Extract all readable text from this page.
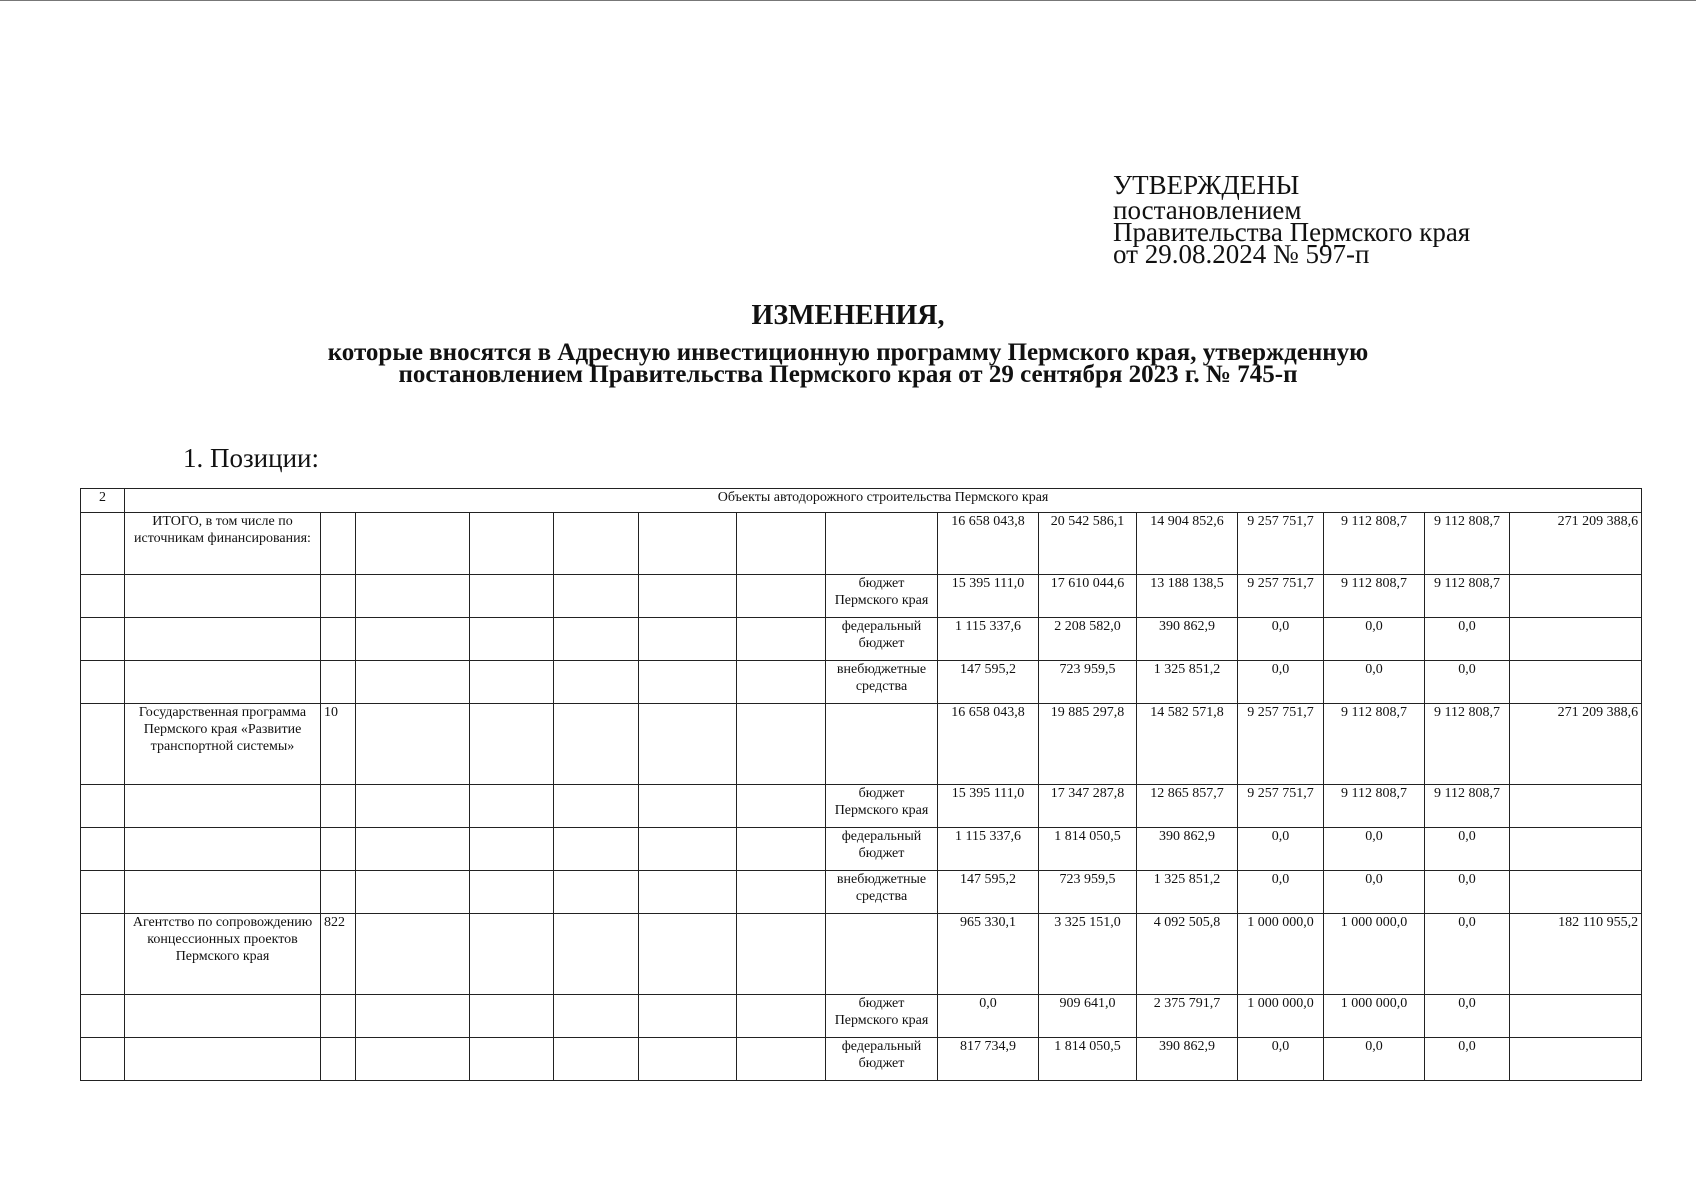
УТВЕРЖДЕНЫ
постановлением
Правительства Пермского края
от 29.08.2024 № 597-п
ИЗМЕНЕНИЯ,
которые вносятся в Адресную инвестиционную программу Пермского края, утвержденную
постановлением Правительства Пермского края от 29 сентября 2023 г. № 745-п
1. Позиции:
2	Объекты автодорожного строительства Пермского края														
	ИТОГО, в том числе по источникам финансирования:								16 658 043,8	20 542 586,1	14 904 852,6	9 257 751,7	9 112 808,7	9 112 808,7	271 209 388,6
								бюджет Пермского края	15 395 111,0	17 610 044,6	13 188 138,5	9 257 751,7	9 112 808,7	9 112 808,7	
								федеральный бюджет	1 115 337,6	2 208 582,0	390 862,9	0,0	0,0	0,0	
								внебюджетные средства	147 595,2	723 959,5	1 325 851,2	0,0	0,0	0,0	
	Государственная программа Пермского края «Развитие транспортной системы»	10							16 658 043,8	19 885 297,8	14 582 571,8	9 257 751,7	9 112 808,7	9 112 808,7	271 209 388,6
								бюджет Пермского края	15 395 111,0	17 347 287,8	12 865 857,7	9 257 751,7	9 112 808,7	9 112 808,7	
								федеральный бюджет	1 115 337,6	1 814 050,5	390 862,9	0,0	0,0	0,0	
								внебюджетные средства	147 595,2	723 959,5	1 325 851,2	0,0	0,0	0,0	
	Агентство по сопровождению концессионных проектов Пермского края	822							965 330,1	3 325 151,0	4 092 505,8	1 000 000,0	1 000 000,0	0,0	182 110 955,2
								бюджет Пермского края	0,0	909 641,0	2 375 791,7	1 000 000,0	1 000 000,0	0,0	
								федеральный бюджет	817 734,9	1 814 050,5	390 862,9	0,0	0,0	0,0	
